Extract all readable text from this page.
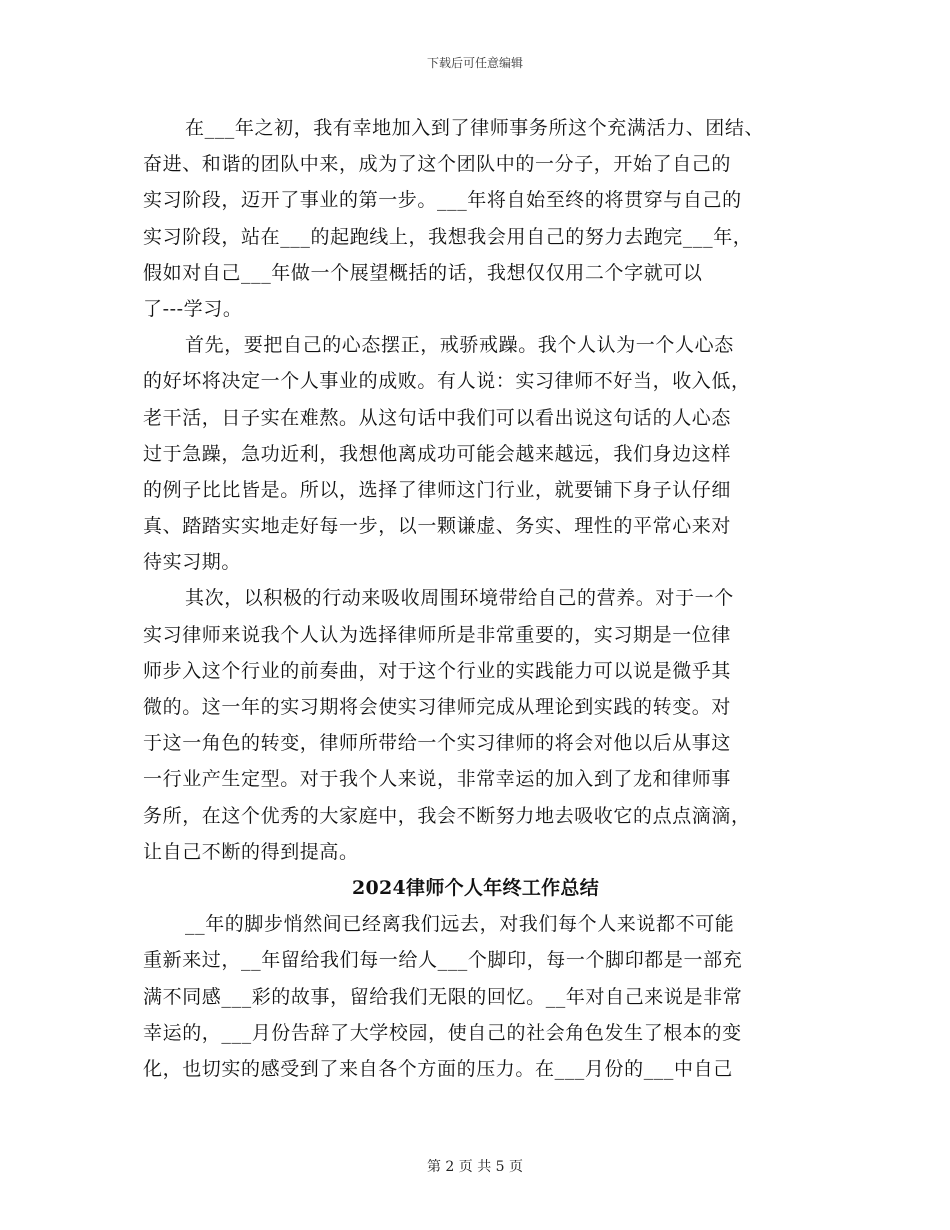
下载后可任意编辑
在___年之初，我有幸地加入到了律师事务所这个充满活力、团结、
奋进、和谐的团队中来，成为了这个团队中的一分子，开始了自己的
实习阶段，迈开了事业的第一步。___年将自始至终的将贯穿与自己的
实习阶段，站在___的起跑线上，我想我会用自己的努力去跑完___年，
假如对自己___年做一个展望概括的话，我想仅仅用二个字就可以
了---学习。
首先，要把自己的心态摆正，戒骄戒躁。我个人认为一个人心态
的好坏将决定一个人事业的成败。有人说：实习律师不好当，收入低，
老干活，日子实在难熬。从这句话中我们可以看出说这句话的人心态
过于急躁，急功近利，我想他离成功可能会越来越远，我们身边这样
的例子比比皆是。所以，选择了律师这门行业，就要铺下身子认仔细
真、踏踏实实地走好每一步，以一颗谦虚、务实、理性的平常心来对
待实习期。
其次，以积极的行动来吸收周围环境带给自己的营养。对于一个
实习律师来说我个人认为选择律师所是非常重要的，实习期是一位律
师步入这个行业的前奏曲，对于这个行业的实践能力可以说是微乎其
微的。这一年的实习期将会使实习律师完成从理论到实践的转变。对
于这一角色的转变，律师所带给一个实习律师的将会对他以后从事这
一行业产生定型。对于我个人来说，非常幸运的加入到了龙和律师事
务所，在这个优秀的大家庭中，我会不断努力地去吸收它的点点滴滴，
让自己不断的得到提高。
2024律师个人年终工作总结
__年的脚步悄然间已经离我们远去，对我们每个人来说都不可能
重新来过，__年留给我们每一给人___个脚印，每一个脚印都是一部充
满不同感___彩的故事，留给我们无限的回忆。__年对自己来说是非常
幸运的，___月份告辞了大学校园，使自己的社会角色发生了根本的变
化，也切实的感受到了来自各个方面的压力。在___月份的___中自己
第 2 页 共 5 页
